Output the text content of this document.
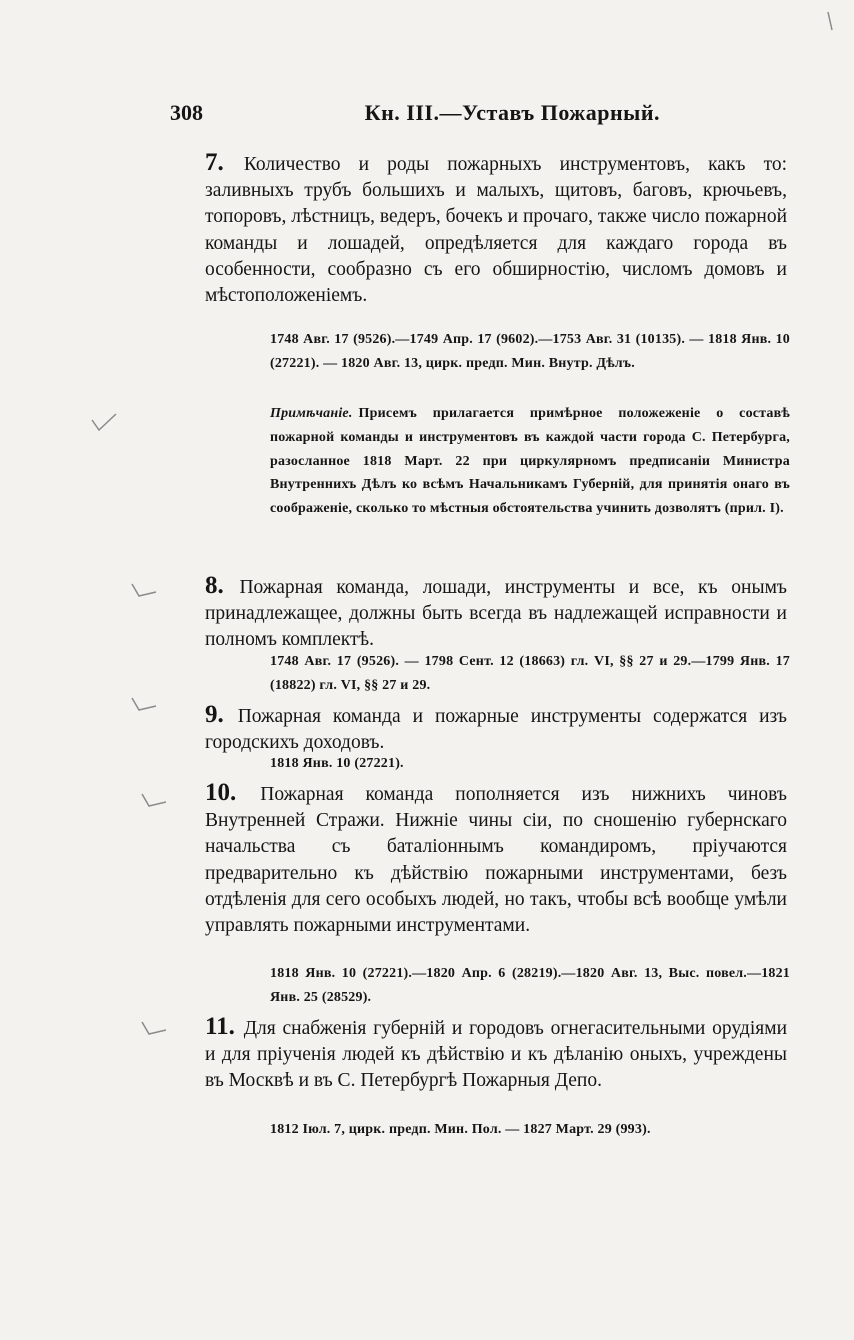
308	Кн. III.—Уставъ Пожарный.
7. Количество и роды пожарныхъ инструментовъ, какъ то: заливныхъ трубъ большихъ и малыхъ, щитовъ, баговъ, крючьевъ, топоровъ, лѣстницъ, ведеръ, бочекъ и прочаго, также число пожарной команды и лошадей, опредѣляется для каждаго города въ особенности, сообразно съ его обширностію, числомъ домовъ и мѣстоположеніемъ.
1748 Авг. 17 (9526).—1749 Апр. 17 (9602).—1753 Авг. 31 (10135). — 1818 Янв. 10 (27221). — 1820 Авг. 13, цирк. предп. Мин. Внутр. Дѣлъ.
Примѣчаніе. Присемъ прилагается примѣрное положеженіе о составѣ пожарной команды и инструментовъ въ каждой части города С. Петербурга, разосланное 1818 Март. 22 при циркулярномъ предписаніи Министра Внутреннихъ Дѣлъ ко всѣмъ Начальникамъ Губерній, для принятія онаго въ соображеніе, сколько то мѣстныя обстоятельства учинить дозволятъ (прил. I).
8. Пожарная команда, лошади, инструменты и все, къ онымъ принадлежащее, должны быть всегда въ надлежащей исправности и полномъ комплектѣ.
1748 Авг. 17 (9526). — 1798 Сент. 12 (18663) гл. VI, §§ 27 и 29.—1799 Янв. 17 (18822) гл. VI, §§ 27 и 29.
9. Пожарная команда и пожарные инструменты содержатся изъ городскихъ доходовъ.
1818 Янв. 10 (27221).
10. Пожарная команда пополняется изъ нижнихъ чиновъ Внутренней Стражи. Нижніе чины сіи, по сношенію губернскаго начальства съ баталіоннымъ командиромъ, пріучаются предварительно къ дѣйствію пожарными инструментами, безъ отдѣленія для сего особыхъ людей, но такъ, чтобы всѣ вообще умѣли управлять пожарными инструментами.
1818 Янв. 10 (27221).—1820 Апр. 6 (28219).—1820 Авг. 13, Выс. повел.—1821 Янв. 25 (28529).
11. Для снабженія губерній и городовъ огнегасительными орудіями и для пріученія людей къ дѣйствію и къ дѣланію оныхъ, учреждены въ Москвѣ и въ С. Петербургѣ Пожарныя Депо.
1812 Іюл. 7, цирк. предп. Мин. Пол. — 1827 Март. 29 (993).
